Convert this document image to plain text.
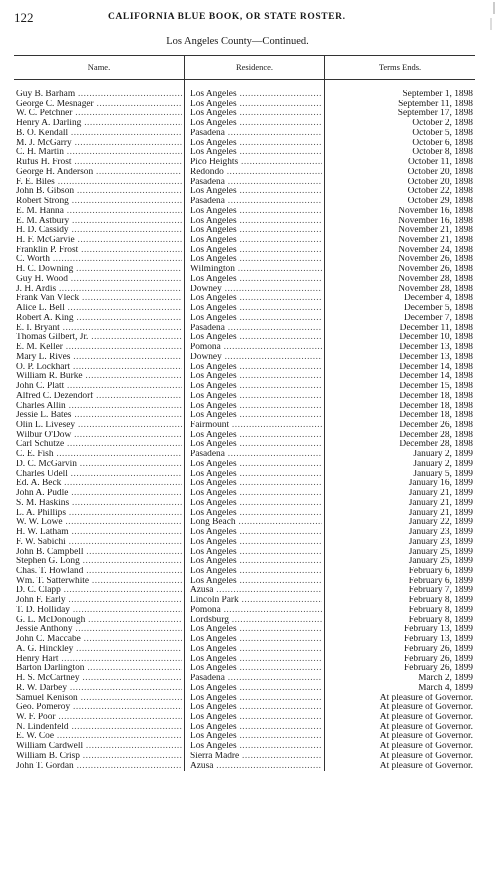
122	CALIFORNIA BLUE BOOK, OR STATE ROSTER.
Los Angeles County—Continued.
Name.	Residence.	Terms Ends.
Guy B. Barham .....	Los Angeles .....	September 1, 1898
George C. Mesnager .....	Los Angeles .....	September 11, 1898
W. C. Petchner .....	Los Angeles .....	September 17, 1898
Henry A. Darling .....	Los Angeles .....	October 2, 1898
B. O. Kendall .....	Pasadena .....	October 5, 1898
M. J. McGarry .....	Los Angeles .....	October 6, 1898
C. H. Martin .....	Los Angeles .....	October 8, 1898
Rufus H. Frost .....	Pico Heights .....	October 11, 1898
George H. Anderson .....	Redondo .....	October 20, 1898
F. E. Biles .....	Pasadena .....	October 20, 1898
John B. Gibson .....	Los Angeles .....	October 22, 1898
Robert Strong .....	Pasadena .....	October 29, 1898
E. M. Hanna .....	Los Angeles .....	November 16, 1898
E. M. Astbury .....	Los Angeles .....	November 16, 1898
H. D. Cassidy .....	Los Angeles .....	November 21, 1898
H. F. McGarvie .....	Los Angeles .....	November 21, 1898
Franklin P. Frost .....	Los Angeles .....	November 24, 1898
C. Worth .....	Los Angeles .....	November 26, 1898
H. C. Downing .....	Wilmington .....	November 26, 1898
Guy H. Wood .....	Los Angeles .....	November 28, 1898
J. H. Ardis .....	Downey .....	November 28, 1898
Frank Van Vleck .....	Los Angeles .....	December 4, 1898
Alice L. Bell .....	Los Angeles .....	December 5, 1898
Robert A. King .....	Los Angeles .....	December 7, 1898
E. I. Bryant .....	Pasadena .....	December 11, 1898
Thomas Gilbert, Jr. .....	Los Angeles .....	December 10, 1898
E. M. Keller .....	Pomona .....	December 13, 1898
Mary L. Rives .....	Downey .....	December 13, 1898
O. P. Lockhart .....	Los Angeles .....	December 14, 1898
William R. Burke .....	Los Angeles .....	December 14, 1898
John C. Platt .....	Los Angeles .....	December 15, 1898
Alfred C. Dezendorf .....	Los Angeles .....	December 18, 1898
Charles Allin .....	Los Angeles .....	December 18, 1898
Jessie L. Bates .....	Los Angeles .....	December 18, 1898
Olin L. Livesey .....	Fairmount .....	December 26, 1898
Wilbur O'Dow .....	Los Angeles .....	December 28, 1898
Carl Schutze .....	Los Angeles .....	December 28, 1898
C. E. Fish .....	Pasadena .....	January 2, 1899
D. C. McGarvin .....	Los Angeles .....	January 2, 1899
Charles Udell .....	Los Angeles .....	January 5, 1899
Ed. A. Beck .....	Los Angeles .....	January 16, 1899
John A. Pudle .....	Los Angeles .....	January 21, 1899
S. M. Haskins .....	Los Angeles .....	January 21, 1899
L. A. Phillips .....	Los Angeles .....	January 21, 1899
W. W. Lowe .....	Long Beach .....	January 22, 1899
H. W. Latham .....	Los Angeles .....	January 23, 1899
F. W. Sabichi .....	Los Angeles .....	January 23, 1899
John B. Campbell .....	Los Angeles .....	January 25, 1899
Stephen G. Long .....	Los Angeles .....	January 25, 1899
Chas. T. Howland .....	Los Angeles .....	February 6, 1899
Wm. T. Satterwhite .....	Los Angeles .....	February 6, 1899
D. C. Clapp .....	Azusa .....	February 7, 1899
John F. Early .....	Lincoln Park .....	February 8, 1899
T. D. Holliday .....	Pomona .....	February 8, 1899
G. L. McDonough .....	Lordsburg .....	February 8, 1899
Jessie Anthony .....	Los Angeles .....	February 13, 1899
John C. Maccabe .....	Los Angeles .....	February 13, 1899
A. G. Hinckley .....	Los Angeles .....	February 26, 1899
Henry Hart .....	Los Angeles .....	February 26, 1899
Barton Darlington .....	Los Angeles .....	February 26, 1899
H. S. McCartney .....	Pasadena .....	March 2, 1899
R. W. Darbey .....	Los Angeles .....	March 4, 1899
Samuel Kenison .....	Los Angeles .....	At pleasure of Governor.
Geo. Pomeroy .....	Los Angeles .....	At pleasure of Governor.
W. F. Poor .....	Los Angeles .....	At pleasure of Governor.
N. Lindenfeld .....	Los Angeles .....	At pleasure of Governor.
E. W. Coe .....	Los Angeles .....	At pleasure of Governor.
William Cardwell .....	Los Angeles .....	At pleasure of Governor.
William B. Crisp .....	Sierra Madre .....	At pleasure of Governor.
John T. Gordan .....	Azusa .....	At pleasure of Governor.
